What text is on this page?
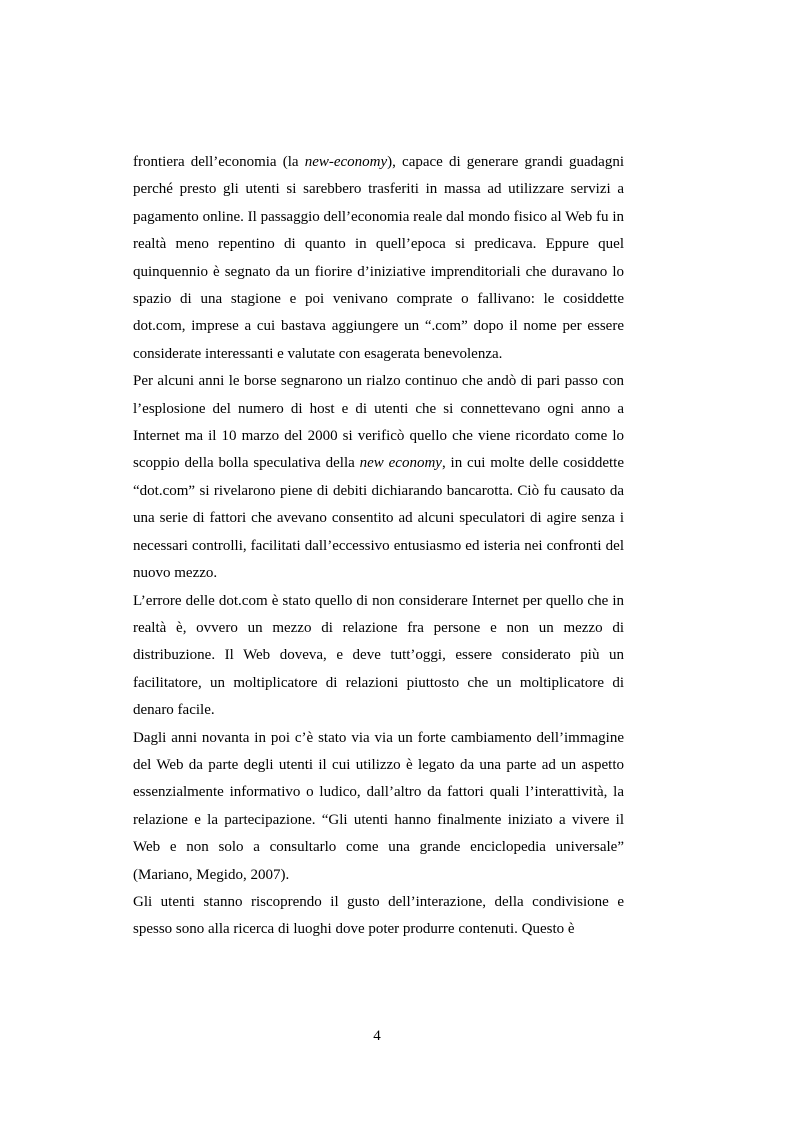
frontiera dell’economia (la new-economy), capace di generare grandi guadagni perché presto gli utenti si sarebbero trasferiti in massa ad utilizzare servizi a pagamento online. Il passaggio dell’economia reale dal mondo fisico al Web fu in realtà meno repentino di quanto in quell’epoca si predicava. Eppure quel quinquennio è segnato da un fiorire d’iniziative imprenditoriali che duravano lo spazio di una stagione e poi venivano comprate o fallivano: le cosiddette dot.com, imprese a cui bastava aggiungere un “.com” dopo il nome per essere considerate interessanti e valutate con esagerata benevolenza.

Per alcuni anni le borse segnarono un rialzo continuo che andò di pari passo con l’esplosione del numero di host e di utenti che si connettevano ogni anno a Internet ma il 10 marzo del 2000 si verificò quello che viene ricordato come lo scoppio della bolla speculativa della new economy, in cui molte delle cosiddette “dot.com” si rivelarono piene di debiti dichiarando bancarotta. Ciò fu causato da una serie di fattori che avevano consentito ad alcuni speculatori di agire senza i necessari controlli, facilitati dall’eccessivo entusiasmo ed isteria nei confronti del nuovo mezzo.

L’errore delle dot.com è stato quello di non considerare Internet per quello che in realtà è, ovvero un mezzo di relazione fra persone e non un mezzo di distribuzione. Il Web doveva, e deve tutt’oggi, essere considerato più un facilitatore, un moltiplicatore di relazioni piuttosto che un moltiplicatore di denaro facile.

Dagli anni novanta in poi c’è stato via via un forte cambiamento dell’immagine del Web da parte degli utenti il cui utilizzo è legato da una parte ad un aspetto essenzialmente informativo o ludico, dall’altro da fattori quali l’interattività, la relazione e la partecipazione. “Gli utenti hanno finalmente iniziato a vivere il Web e non solo a consultarlo come una grande enciclopedia universale” (Mariano, Megido, 2007).

Gli utenti stanno riscoprendo il gusto dell’interazione, della condivisione e spesso sono alla ricerca di luoghi dove poter produrre contenuti. Questo è

4
